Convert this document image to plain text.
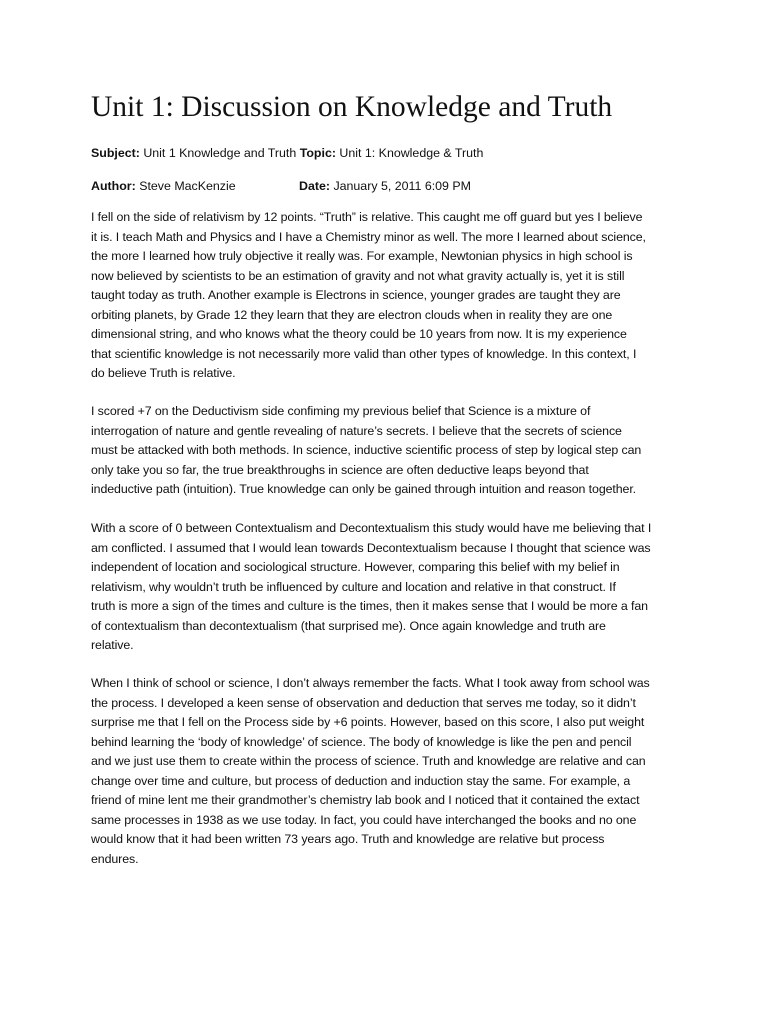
Unit 1: Discussion on Knowledge and Truth

Subject: Unit 1 Knowledge and Truth Topic: Unit 1: Knowledge & Truth

Author: Steve MacKenzie	Date: January 5, 2011 6:09 PM

I fell on the side of relativism by 12 points. “Truth” is relative. This caught me off guard but yes I believe
it is. I teach Math and Physics and I have a Chemistry minor as well. The more I learned about science,
the more I learned how truly objective it really was. For example, Newtonian physics in high school is
now believed by scientists to be an estimation of gravity and not what gravity actually is, yet it is still
taught today as truth. Another example is Electrons in science, younger grades are taught they are
orbiting planets, by Grade 12 they learn that they are electron clouds when in reality they are one
dimensional string, and who knows what the theory could be 10 years from now. It is my experience
that scientific knowledge is not necessarily more valid than other types of knowledge. In this context, I
do believe Truth is relative.
I scored +7 on the Deductivism side confiming my previous belief that Science is a mixture of
interrogation of nature and gentle revealing of nature’s secrets. I believe that the secrets of science
must be attacked with both methods. In science, inductive scientific process of step by logical step can
only take you so far, the true breakthroughs in science are often deductive leaps beyond that
indeductive path (intuition). True knowledge can only be gained through intuition and reason together.
With a score of 0 between Contextualism and Decontextualism this study would have me believing that I
am conflicted. I assumed that I would lean towards Decontextualism because I thought that science was
independent of location and sociological structure. However, comparing this belief with my belief in
relativism, why wouldn’t truth be influenced by culture and location and relative in that construct. If
truth is more a sign of the times and culture is the times, then it makes sense that I would be more a fan
of contextualism than decontextualism (that surprised me). Once again knowledge and truth are
relative.
When I think of school or science, I don’t always remember the facts. What I took away from school was
the process. I developed a keen sense of observation and deduction that serves me today, so it didn’t
surprise me that I fell on the Process side by +6 points. However, based on this score, I also put weight
behind learning the ‘body of knowledge’ of science. The body of knowledge is like the pen and pencil
and we just use them to create within the process of science. Truth and knowledge are relative and can
change over time and culture, but process of deduction and induction stay the same. For example, a
friend of mine lent me their grandmother’s chemistry lab book and I noticed that it contained the extact
same processes in 1938 as we use today. In fact, you could have interchanged the books and no one
would know that it had been written 73 years ago. Truth and knowledge are relative but process
endures.
